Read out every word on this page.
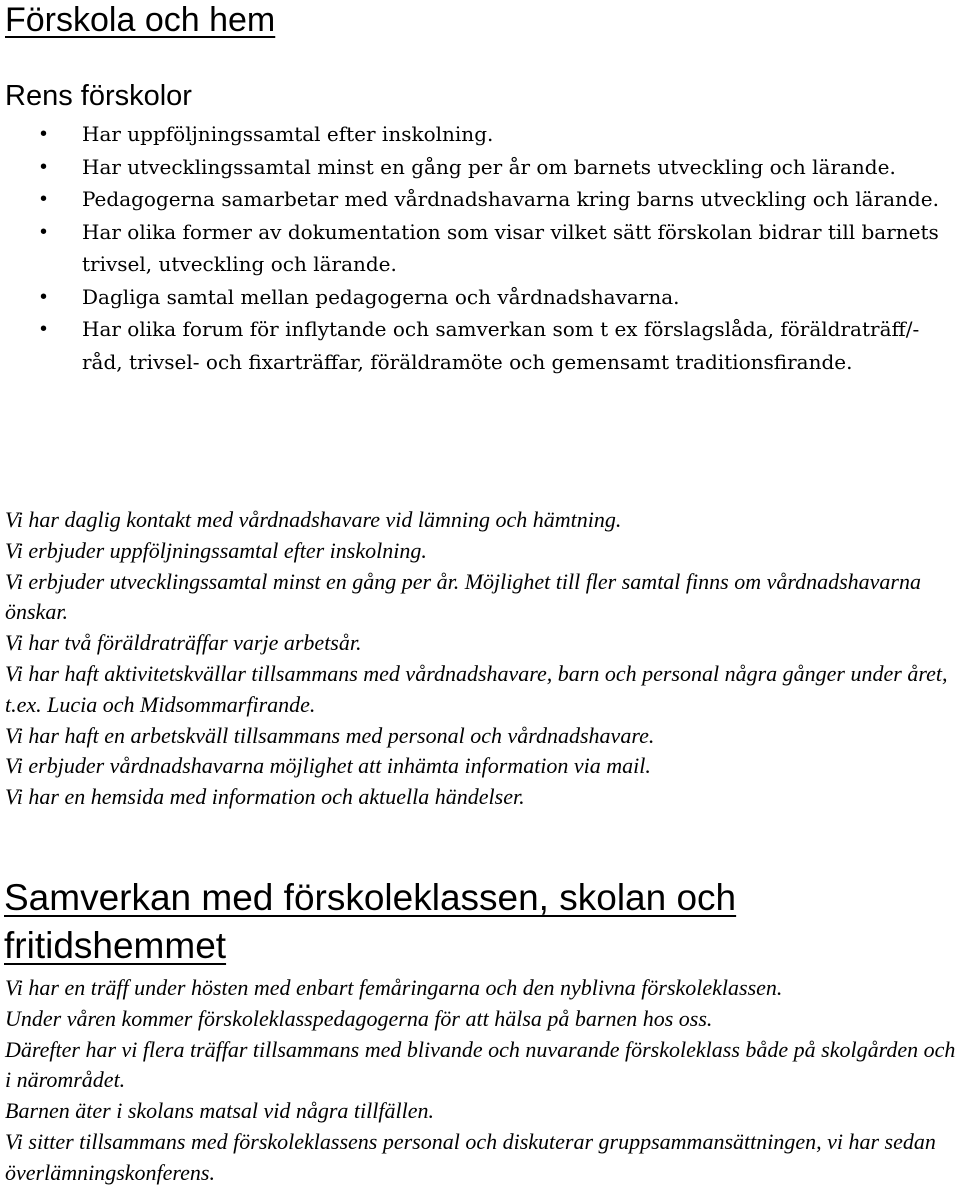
Förskola och hem
Rens förskolor
• Har uppföljningssamtal efter inskolning.
• Har utvecklingssamtal minst en gång per år om barnets utveckling och lärande.
• Pedagogerna samarbetar med vårdnadshavarna kring barns utveckling och lärande.
• Har olika former av dokumentation som visar vilket sätt förskolan bidrar till barnets trivsel, utveckling och lärande.
• Dagliga samtal mellan pedagogerna och vårdnadshavarna.
• Har olika forum för inflytande och samverkan som t ex förslagslåda, föräldraträff/-råd, trivsel- och fixarträffar, föräldramöte och gemensamt traditionsfirande.

Vi har daglig kontakt med vårdnadshavare vid lämning och hämtning.

Vi erbjuder uppföljningssamtal efter inskolning.

Vi erbjuder utvecklingssamtal minst en gång per år. Möjlighet till fler samtal finns om vårdnadshavarna önskar.

Vi har två föräldraträffar varje arbetsår.

Vi har haft aktivitetskvällar tillsammans med vårdnadshavare, barn och personal några gånger under året, t.ex. Lucia och Midsommarfirande.

Vi har haft en arbetskväll tillsammans med personal och vårdnadshavare.

Vi erbjuder vårdnadshavarna möjlighet att inhämta information via mail.

Vi har en hemsida med information och aktuella händelser.

Samverkan med förskoleklassen, skolan och fritidshemmet

Vi har en träff under hösten med enbart femåringarna och den nyblivna förskoleklassen.

Under våren kommer förskoleklasspedagogerna för att hälsa på barnen hos oss.

Därefter har vi flera träffar tillsammans med blivande och nuvarande förskoleklass både på skolgården och i närområdet.

Barnen äter i skolans matsal vid några tillfällen.

Vi sitter tillsammans med förskoleklassens personal och diskuterar gruppsammansättningen, vi har sedan överlämningskonferens.
